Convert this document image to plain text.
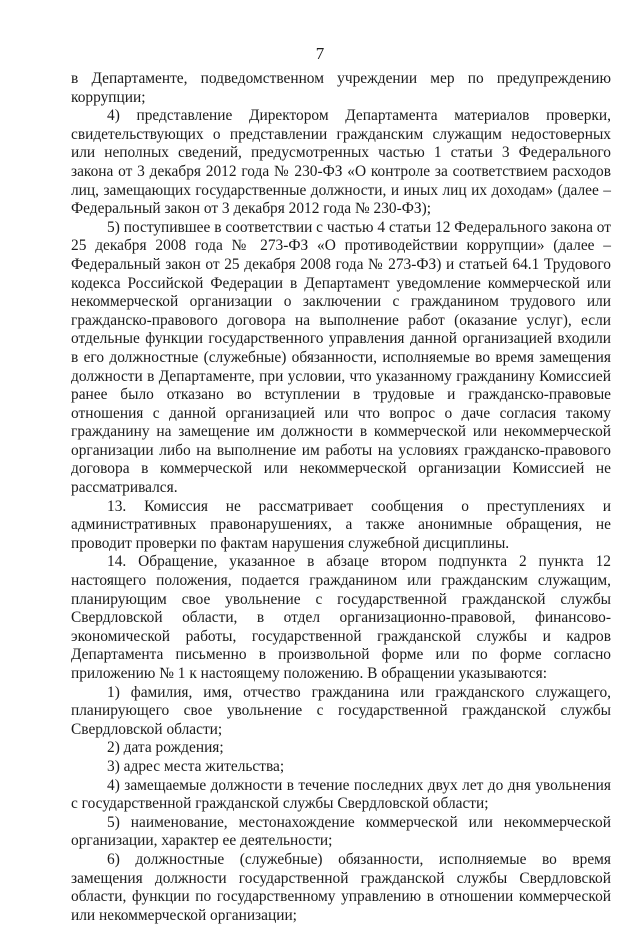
7

в Департаменте, подведомственном учреждении мер по предупреждению коррупции;

4) представление Директором Департамента материалов проверки, свидетельствующих о представлении гражданским служащим недостоверных или неполных сведений, предусмотренных частью 1 статьи 3 Федерального закона от 3 декабря 2012 года № 230-ФЗ «О контроле за соответствием расходов лиц, замещающих государственные должности, и иных лиц их доходам» (далее – Федеральный закон от 3 декабря 2012 года № 230-ФЗ);

5) поступившее в соответствии с частью 4 статьи 12 Федерального закона от 25 декабря 2008 года № 273-ФЗ «О противодействии коррупции» (далее – Федеральный закон от 25 декабря 2008 года № 273-ФЗ) и статьей 64.1 Трудового кодекса Российской Федерации в Департамент уведомление коммерческой или некоммерческой организации о заключении с гражданином трудового или гражданско-правового договора на выполнение работ (оказание услуг), если отдельные функции государственного управления данной организацией входили в его должностные (служебные) обязанности, исполняемые во время замещения должности в Департаменте, при условии, что указанному гражданину Комиссией ранее было отказано во вступлении в трудовые и гражданско-правовые отношения с данной организацией или что вопрос о даче согласия такому гражданину на замещение им должности в коммерческой или некоммерческой организации либо на выполнение им работы на условиях гражданско-правового договора в коммерческой или некоммерческой организации Комиссией не рассматривался.

13. Комиссия не рассматривает сообщения о преступлениях и административных правонарушениях, а также анонимные обращения, не проводит проверки по фактам нарушения служебной дисциплины.

14. Обращение, указанное в абзаце втором подпункта 2 пункта 12 настоящего положения, подается гражданином или гражданским служащим, планирующим свое увольнение с государственной гражданской службы Свердловской области, в отдел организационно-правовой, финансово-экономической работы, государственной гражданской службы и кадров Департамента письменно в произвольной форме или по форме согласно приложению № 1 к настоящему положению. В обращении указываются:

1) фамилия, имя, отчество гражданина или гражданского служащего, планирующего свое увольнение с государственной гражданской службы Свердловской области;

2) дата рождения;

3) адрес места жительства;

4) замещаемые должности в течение последних двух лет до дня увольнения с государственной гражданской службы Свердловской области;

5) наименование, местонахождение коммерческой или некоммерческой организации, характер ее деятельности;

6) должностные (служебные) обязанности, исполняемые во время замещения должности государственной гражданской службы Свердловской области, функции по государственному управлению в отношении коммерческой или некоммерческой организации;
